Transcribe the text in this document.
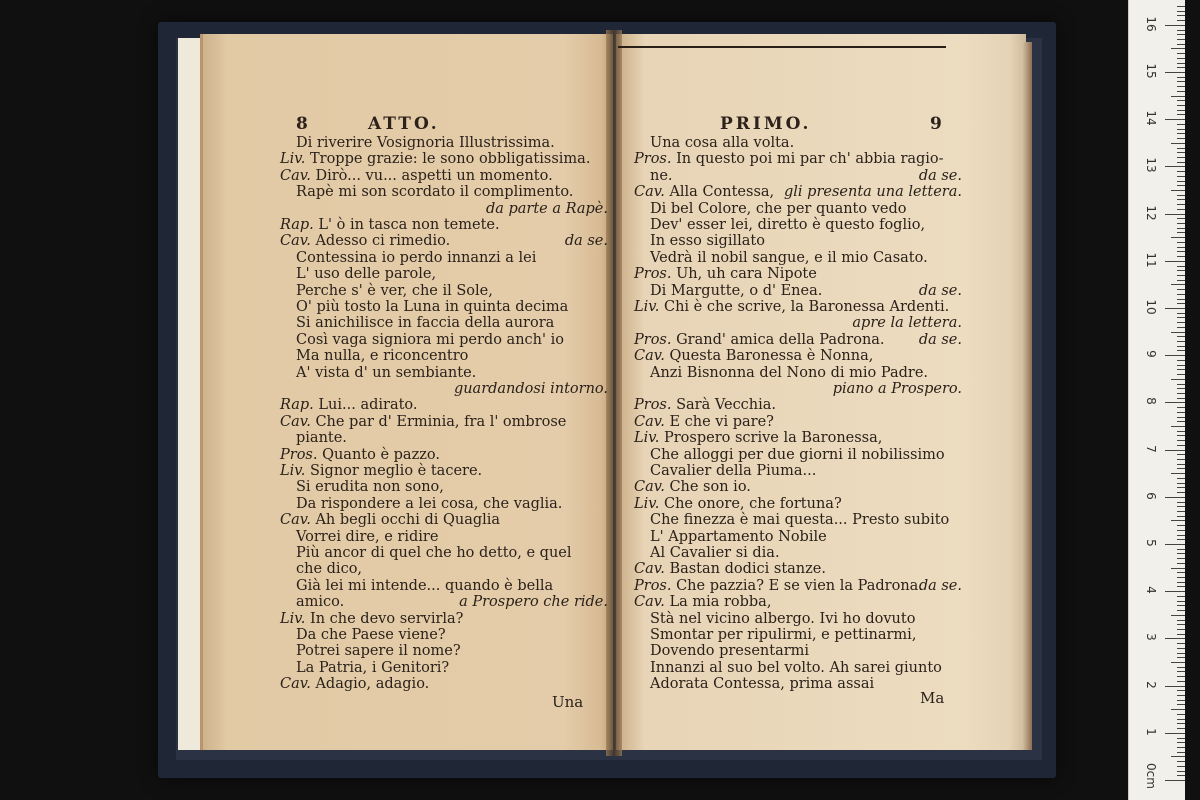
8	ATTO.	PRIMO.	9
Di riverire Vosignoria Illustrissima.
Liv. Troppe grazie: le sono obbligatissima.
Cav. Dirò... vu... aspetti un momento.
Rapè mi son scordato il complimento.
da parte a Rapè.
Rap. L' ò in tasca non temete.
Cav. Adesso ci rimedio.	da se.
Contessina io perdo innanzi a lei
L' uso delle parole,
Perche s' è ver, che il Sole,
O' più tosto la Luna in quinta decima
Si anichilisce in faccia della aurora
Così vaga signiora mi perdo anch' io
Ma nulla, e riconcentro
A' vista d' un sembiante.
guardandosi intorno.
Rap. Lui... adirato.
Cav. Che par d' Erminia, fra l' ombrose
piante.
Pros. Quanto è pazzo.
Liv. Signor meglio è tacere.
Si erudita non sono,
Da rispondere a lei cosa, che vaglia.
Cav. Ah begli occhi di Quaglia
Vorrei dire, e ridire
Più ancor di quel che ho detto, e quel
che dico,
Già lei mi intende... quando è bella
amico.	a Prospero che ride.
Liv. In che devo servirla?
Da che Paese viene?
Potrei sapere il nome?
La Patria, i Genitori?
Cav. Adagio, adagio.
Una cosa alla volta.
Pros. In questo poi mi par ch' abbia ragio-
ne.	da se.
Cav. Alla Contessa, gli presenta una lettera.
Di bel Colore, che per quanto vedo
Dev' esser lei, diretto è questo foglio,
In esso sigillato
Vedrà il nobil sangue, e il mio Casato.
Pros. Uh, uh cara Nipote
Di Margutte, o d' Enea.	da se.
Liv. Chi è che scrive, la Baronessa Ardenti.
apre la lettera.
Pros. Grand' amica della Padrona. da se.
Cav. Questa Baronessa è Nonna,
Anzi Bisnonna del Nono di mio Padre.
piano a Prospero.
Pros. Sarà Vecchia.
Cav. E che vi pare?
Liv. Prospero scrive la Baronessa,
Che alloggi per due giorni il nobilissimo
Cavalier della Piuma...
Cav. Che son io.
Liv. Che onore, che fortuna?
Che finezza è mai questa... Presto subito
L' Appartamento Nobile
Al Cavalier si dia.
Cav. Bastan dodici stanze.
Pros. Che pazzia? E se vien la Padrona.
da se.
Cav. La mia robba,
Stà nel vicino albergo. Ivi ho dovuto
Smontar per ripulirmi, e pettinarmi,
Dovendo presentarmi
Innanzi al suo bel volto. Ah sarei giunto
Adorata Contessa, prima assai
Una	Ma
0cm
1
2
3
4
5
6
7
8
9
10
11
12
13
14
15
16
